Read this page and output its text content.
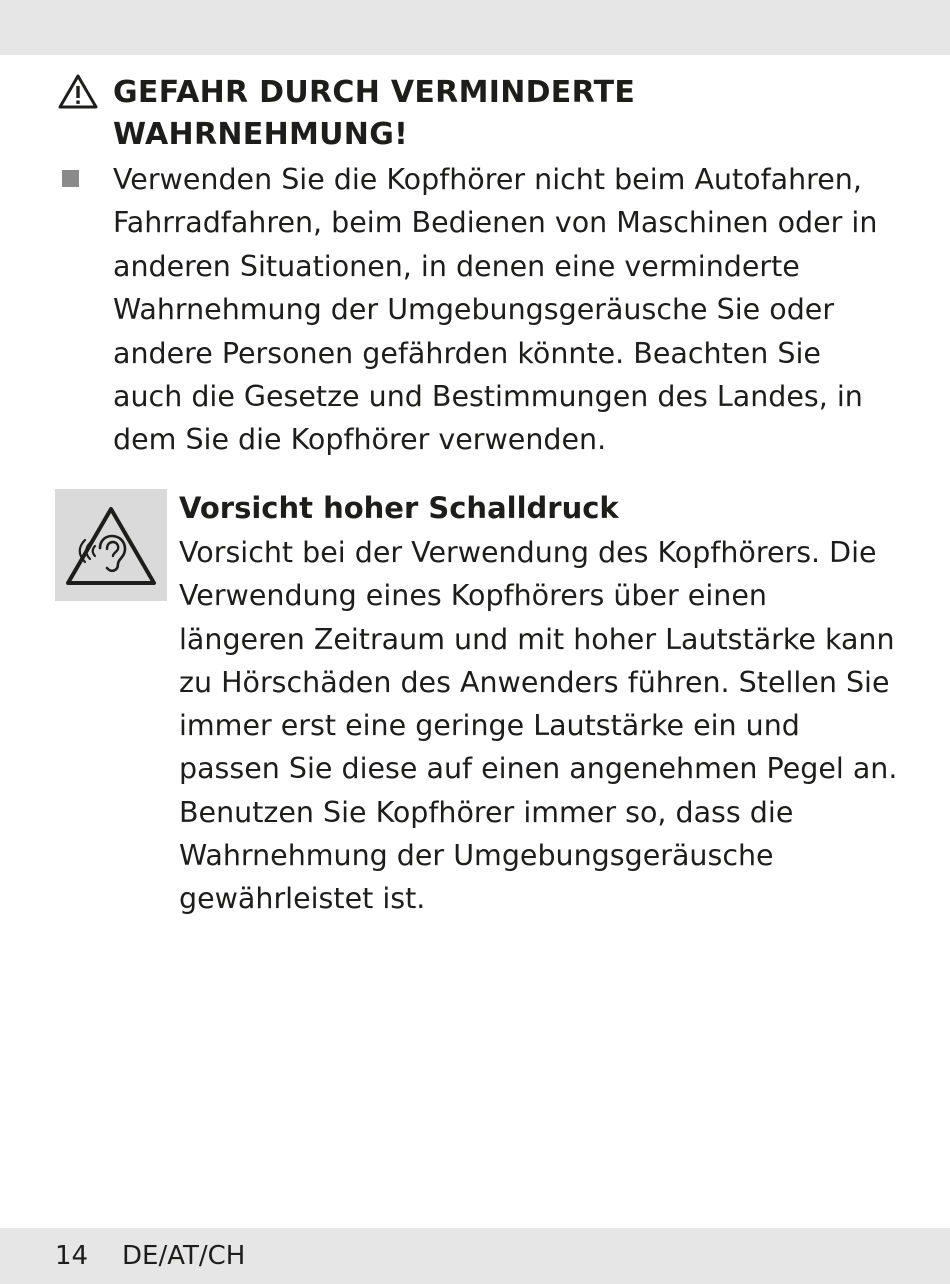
GEFAHR DURCH VERMINDERTE
WAHRNEHMUNG!
Verwenden Sie die Kopfhörer nicht beim Autofahren, Fahrradfahren, beim Bedienen von Maschinen oder in anderen Situationen, in denen eine verminderte Wahrnehmung der Umgebungsgeräusche Sie oder andere Personen gefährden könnte. Beachten Sie auch die Gesetze und Bestimmungen des Landes, in dem Sie die Kopfhörer verwenden.
Vorsicht hoher Schalldruck
Vorsicht bei der Verwendung des Kopfhörers. Die Verwendung eines Kopfhörers über einen längeren Zeitraum und mit hoher Lautstärke kann zu Hörschäden des Anwenders führen. Stellen Sie immer erst eine geringe Lautstärke ein und passen Sie diese auf einen angenehmen Pegel an. Benutzen Sie Kopfhörer immer so, dass die Wahrnehmung der Umgebungsgeräusche gewährleistet ist.
14 DE/AT/CH
